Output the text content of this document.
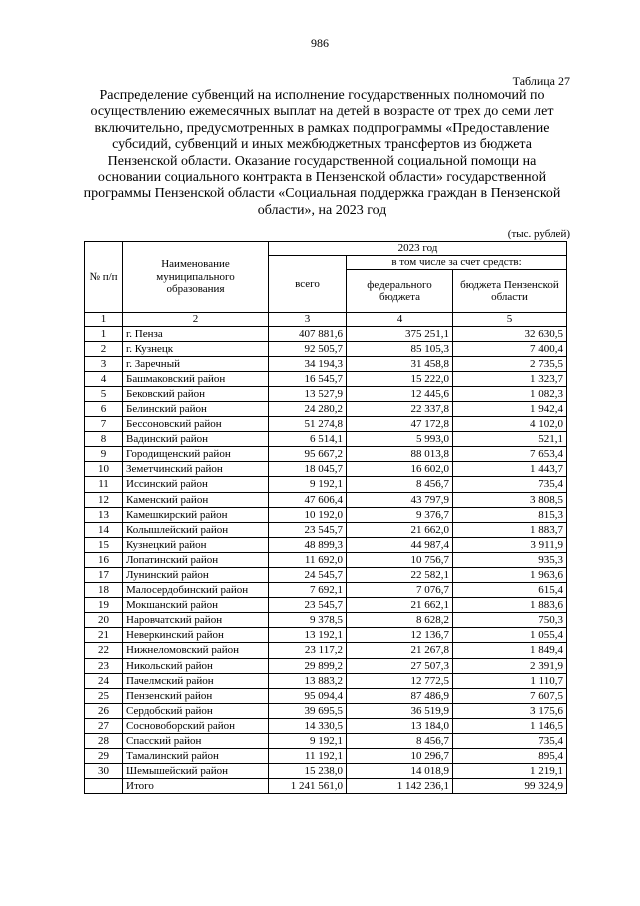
986
Таблица 27
Распределение субвенций на исполнение государственных полномочий по осуществлению ежемесячных выплат на детей в возрасте от трех до семи лет включительно, предусмотренных в рамках подпрограммы «Предоставление субсидий, субвенций и иных межбюджетных трансфертов из бюджета Пензенской области. Оказание государственной социальной помощи на основании социального контракта в Пензенской области» государственной программы Пензенской области «Социальная поддержка граждан в Пензенской области», на 2023 год
(тыс. рублей)
№ п/п	Наименование муниципального образования	2023 год		
		всего	в том числе за счет средств:	
			федерального бюджета	бюджета Пензенской области
1	2	3	4	5
1	г. Пенза	407 881,6	375 251,1	32 630,5
2	г. Кузнецк	92 505,7	85 105,3	7 400,4
3	г. Заречный	34 194,3	31 458,8	2 735,5
4	Башмаковский район	16 545,7	15 222,0	1 323,7
5	Бековский район	13 527,9	12 445,6	1 082,3
6	Белинский район	24 280,2	22 337,8	1 942,4
7	Бессоновский район	51 274,8	47 172,8	4 102,0
8	Вадинский район	6 514,1	5 993,0	521,1
9	Городищенский район	95 667,2	88 013,8	7 653,4
10	Земетчинский район	18 045,7	16 602,0	1 443,7
11	Иссинский район	9 192,1	8 456,7	735,4
12	Каменский район	47 606,4	43 797,9	3 808,5
13	Камешкирский район	10 192,0	9 376,7	815,3
14	Колышлейский район	23 545,7	21 662,0	1 883,7
15	Кузнецкий район	48 899,3	44 987,4	3 911,9
16	Лопатинский район	11 692,0	10 756,7	935,3
17	Лунинский район	24 545,7	22 582,1	1 963,6
18	Малосердобинский район	7 692,1	7 076,7	615,4
19	Мокшанский район	23 545,7	21 662,1	1 883,6
20	Наровчатский район	9 378,5	8 628,2	750,3
21	Неверкинский район	13 192,1	12 136,7	1 055,4
22	Нижнеломовский район	23 117,2	21 267,8	1 849,4
23	Никольский район	29 899,2	27 507,3	2 391,9
24	Пачелмский район	13 883,2	12 772,5	1 110,7
25	Пензенский район	95 094,4	87 486,9	7 607,5
26	Сердобский район	39 695,5	36 519,9	3 175,6
27	Сосновоборский район	14 330,5	13 184,0	1 146,5
28	Спасский район	9 192,1	8 456,7	735,4
29	Тамалинский район	11 192,1	10 296,7	895,4
30	Шемышейский район	15 238,0	14 018,9	1 219,1
	Итого	1 241 561,0	1 142 236,1	99 324,9
